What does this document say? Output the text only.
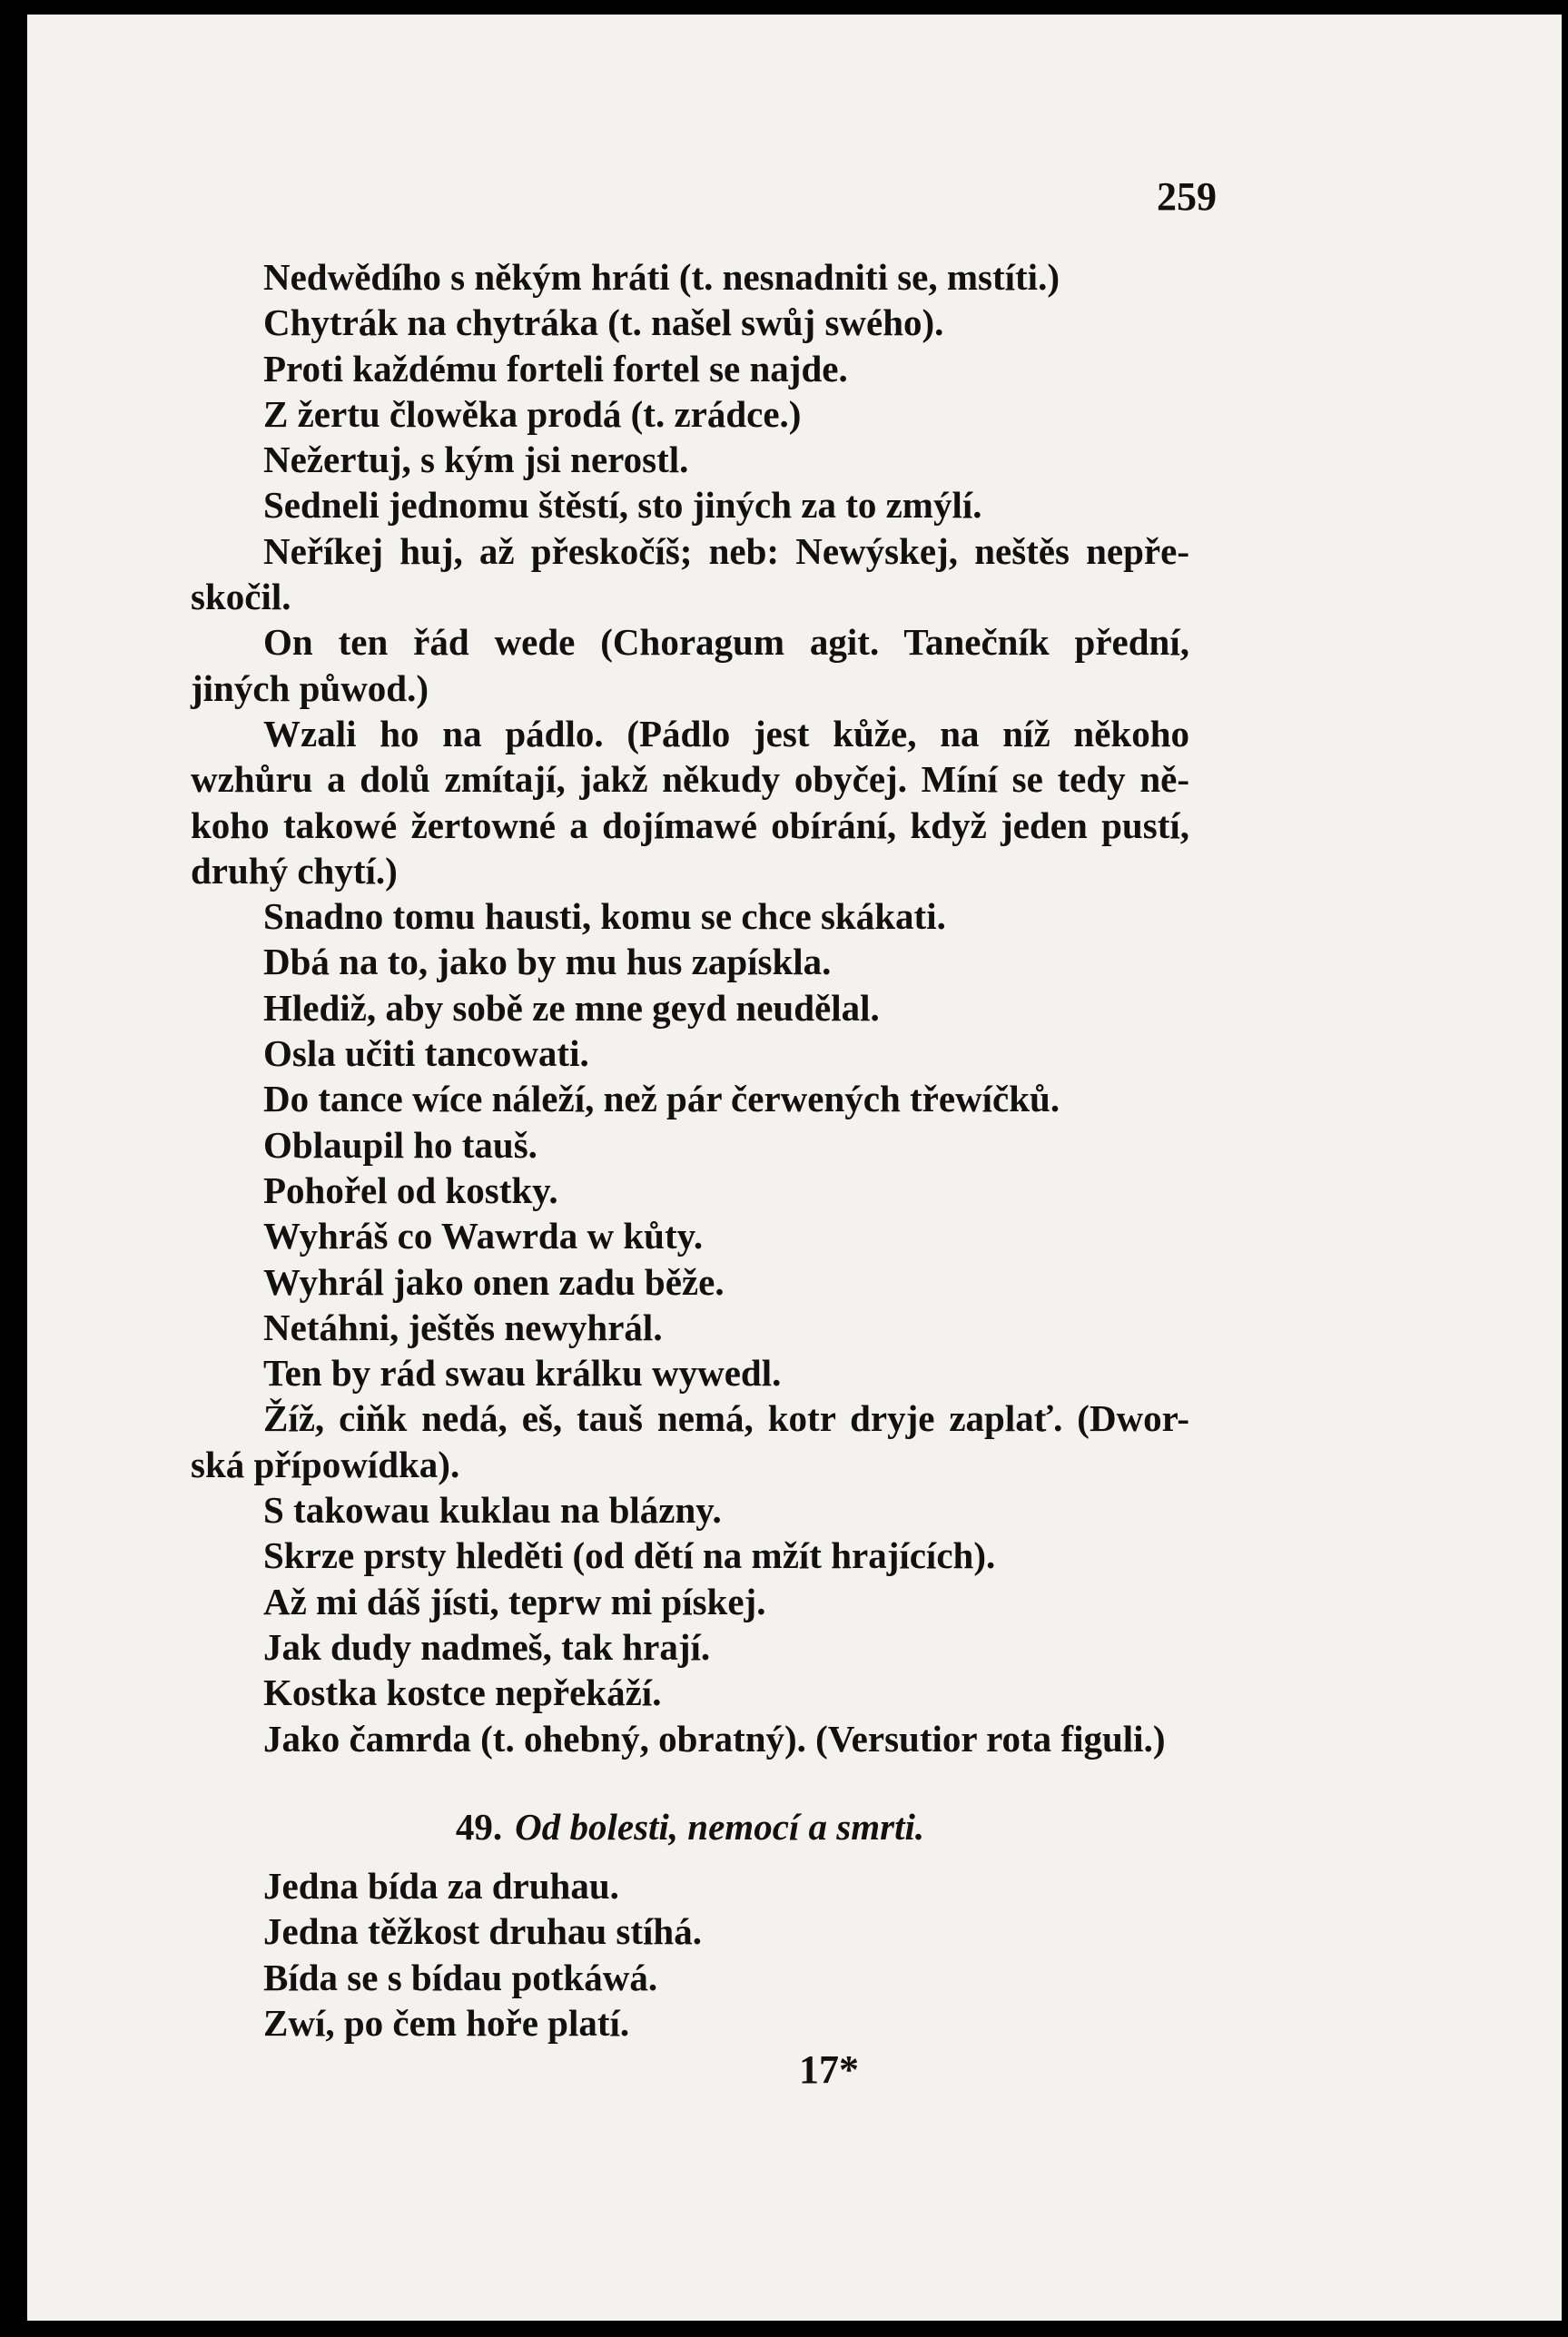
259
Nedwědího s někým hráti (t. nesnadniti se, mstíti.)
Chytrák na chytráka (t. našel swůj swého).
Proti každému forteli fortel se najde.
Z žertu člowěka prodá (t. zrádce.)
Nežertuj, s kým jsi nerostl.
Sedneli jednomu štěstí, sto jiných za to zmýlí.
Neříkej huj, až přeskočíš; neb: Newýskej, neštěs nepře-
skočil.
On ten řád wede (Choragum agit. Tanečník přední,
jiných půwod.)
Wzali ho na pádlo. (Pádlo jest kůže, na níž někoho
wzhůru a dolů zmítají, jakž někudy obyčej. Míní se tedy ně-
koho takowé žertowné a dojímawé obírání, když jeden pustí,
druhý chytí.)
Snadno tomu hausti, komu se chce skákati.
Dbá na to, jako by mu hus zapískla.
Hlediž, aby sobě ze mne geyd neudělal.
Osla učiti tancowati.
Do tance wíce náleží, než pár čerwených třewíčků.
Oblaupil ho tauš.
Pohořel od kostky.
Wyhráš co Wawrda w kůty.
Wyhrál jako onen zadu běže.
Netáhni, ještěs newyhrál.
Ten by rád swau králku wywedl.
Žíž, ciňk nedá, eš, tauš nemá, kotr dryje zaplať. (Dwor-
ská přípowídka).
S takowau kuklau na blázny.
Skrze prsty hleděti (od dětí na mžít hrajících).
Až mi dáš jísti, teprw mi pískej.
Jak dudy nadmeš, tak hrají.
Kostka kostce nepřekáží.
Jako čamrda (t. ohebný, obratný). (Versutior rota figuli.)
49. Od bolesti, nemocí a smrti.
Jedna bída za druhau.
Jedna těžkost druhau stíhá.
Bída se s bídau potkáwá.
Zwí, po čem hoře platí.
17*
